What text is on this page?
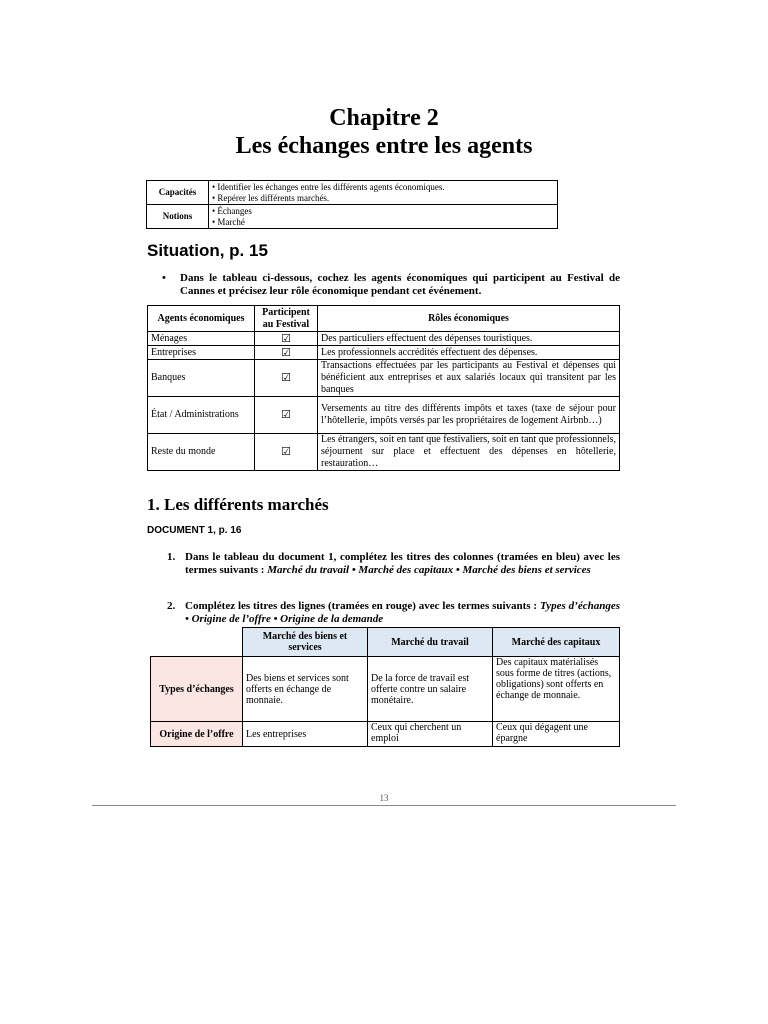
Chapitre 2
Les échanges entre les agents
Capacités	• Identifier les échanges entre les différents agents économiques.
• Repérer les différents marchés.

Notions	• Échanges
• Marché
Situation, p. 15
• Dans le tableau ci-dessous, cochez les agents économiques qui participent au Festival de Cannes et précisez leur rôle économique pendant cet événement.
Agents économiques	Participent au Festival	Rôles économiques
Ménages	☑	Des particuliers effectuent des dépenses touristiques.
Entreprises	☑	Les professionnels accrédités effectuent des dépenses.
Banques	☑	Transactions effectuées par les participants au Festival et dépenses qui bénéficient aux entreprises et aux salariés locaux qui transitent par les banques
État / Administrations	☑	Versements au titre des différents impôts et taxes (taxe de séjour pour l’hôtellerie, impôts versés par les propriétaires de logement Airbnb…)
Reste du monde	☑	Les étrangers, soit en tant que festivaliers, soit en tant que professionnels, séjournent sur place et effectuent des dépenses en hôtellerie, restauration…
1. Les différents marchés
DOCUMENT 1, p. 16
1. Dans le tableau du document 1, complétez les titres des colonnes (tramées en bleu) avec les termes suivants : Marché du travail • Marché des capitaux • Marché des biens et services
2. Complétez les titres des lignes (tramées en rouge) avec les termes suivants : Types d’échanges • Origine de l’offre • Origine de la demande
	Marché des biens et services	Marché du travail	Marché des capitaux
Types d’échanges	Des biens et services sont offerts en échange de monnaie.	De la force de travail est offerte contre un salaire monétaire.	Des capitaux matérialisés sous forme de titres (actions, obligations) sont offerts en échange de monnaie.
Origine de l’offre	Les entreprises	Ceux qui cherchent un emploi	Ceux qui dégagent une épargne
13
